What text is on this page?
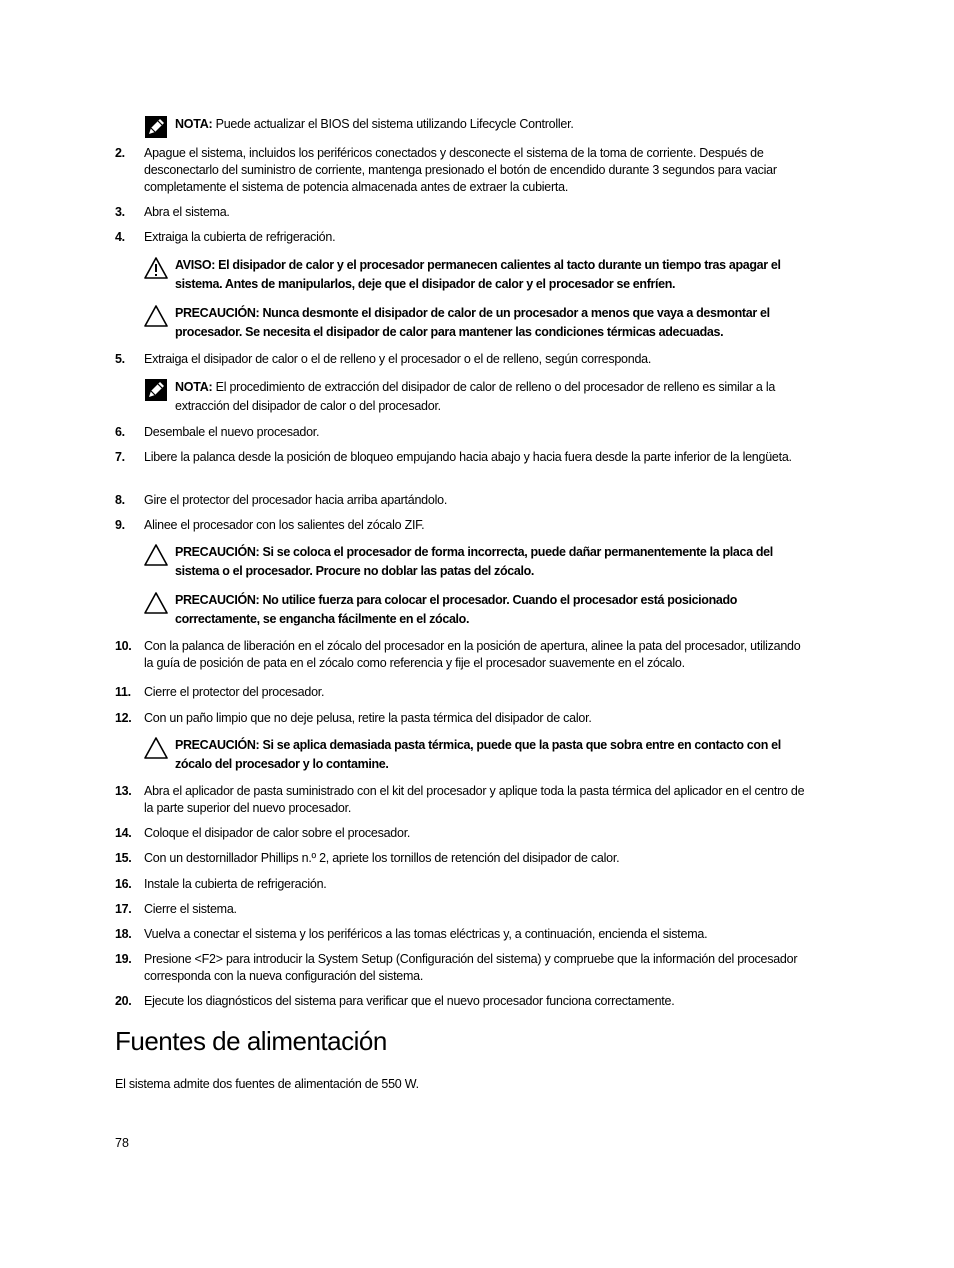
NOTA: Puede actualizar el BIOS del sistema utilizando Lifecycle Controller.
2. Apague el sistema, incluidos los periféricos conectados y desconecte el sistema de la toma de corriente. Después de desconectarlo del suministro de corriente, mantenga presionado el botón de encendido durante 3 segundos para vaciar completamente el sistema de potencia almacenada antes de extraer la cubierta.
3. Abra el sistema.
4. Extraiga la cubierta de refrigeración.
AVISO: El disipador de calor y el procesador permanecen calientes al tacto durante un tiempo tras apagar el sistema. Antes de manipularlos, deje que el disipador de calor y el procesador se enfríen.
PRECAUCIÓN: Nunca desmonte el disipador de calor de un procesador a menos que vaya a desmontar el procesador. Se necesita el disipador de calor para mantener las condiciones térmicas adecuadas.
5. Extraiga el disipador de calor o el de relleno y el procesador o el de relleno, según corresponda.
NOTA: El procedimiento de extracción del disipador de calor de relleno o del procesador de relleno es similar a la extracción del disipador de calor o del procesador.
6. Desembale el nuevo procesador.
7. Libere la palanca desde la posición de bloqueo empujando hacia abajo y hacia fuera desde la parte inferior de la lengüeta.
8. Gire el protector del procesador hacia arriba apartándolo.
9. Alinee el procesador con los salientes del zócalo ZIF.
PRECAUCIÓN: Si se coloca el procesador de forma incorrecta, puede dañar permanentemente la placa del sistema o el procesador. Procure no doblar las patas del zócalo.
PRECAUCIÓN: No utilice fuerza para colocar el procesador. Cuando el procesador está posicionado correctamente, se engancha fácilmente en el zócalo.
10. Con la palanca de liberación en el zócalo del procesador en la posición de apertura, alinee la pata del procesador, utilizando la guía de posición de pata en el zócalo como referencia y fije el procesador suavemente en el zócalo.
11. Cierre el protector del procesador.
12. Con un paño limpio que no deje pelusa, retire la pasta térmica del disipador de calor.
PRECAUCIÓN: Si se aplica demasiada pasta térmica, puede que la pasta que sobra entre en contacto con el zócalo del procesador y lo contamine.
13. Abra el aplicador de pasta suministrado con el kit del procesador y aplique toda la pasta térmica del aplicador en el centro de la parte superior del nuevo procesador.
14. Coloque el disipador de calor sobre el procesador.
15. Con un destornillador Phillips n.º 2, apriete los tornillos de retención del disipador de calor.
16. Instale la cubierta de refrigeración.
17. Cierre el sistema.
18. Vuelva a conectar el sistema y los periféricos a las tomas eléctricas y, a continuación, encienda el sistema.
19. Presione <F2> para introducir la System Setup (Configuración del sistema) y compruebe que la información del procesador corresponda con la nueva configuración del sistema.
20. Ejecute los diagnósticos del sistema para verificar que el nuevo procesador funciona correctamente.
Fuentes de alimentación
El sistema admite dos fuentes de alimentación de 550 W.
78
